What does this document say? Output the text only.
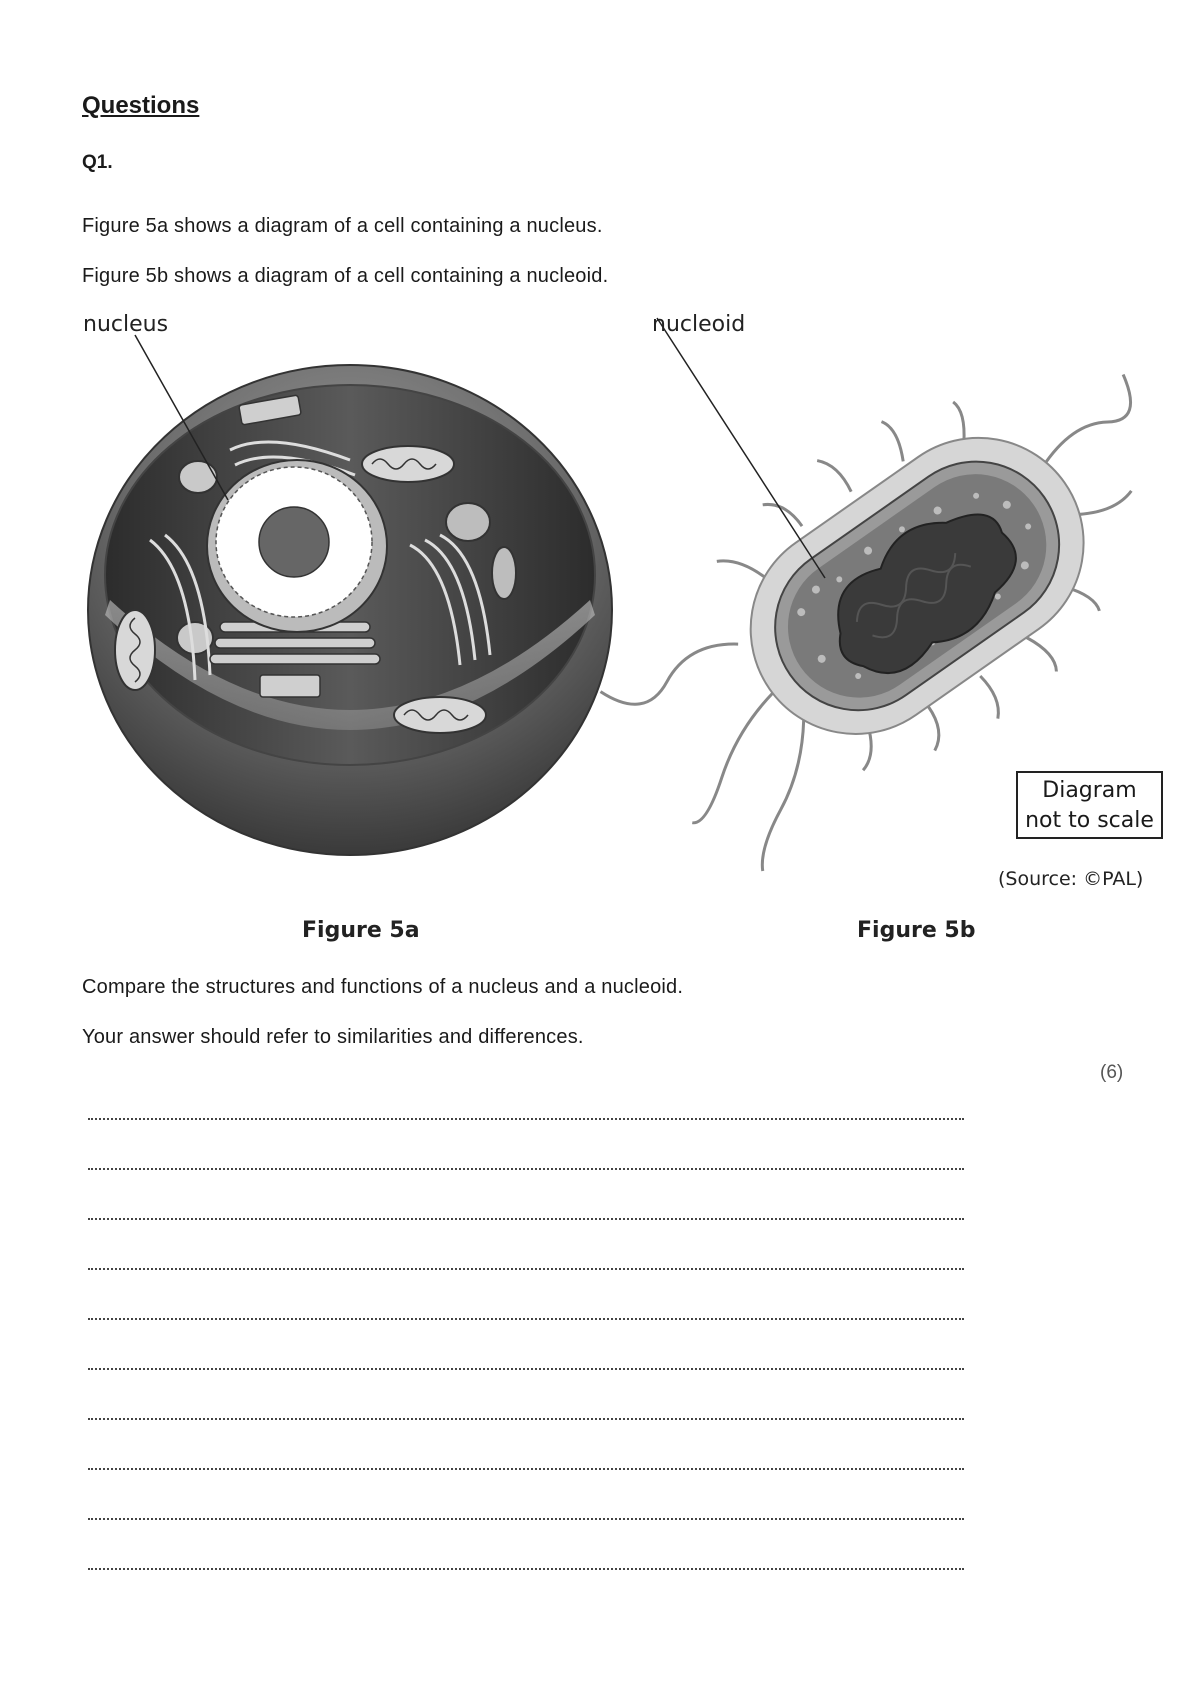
Questions
Q1.
Figure 5a shows a diagram of a cell containing a nucleus.
Figure 5b shows a diagram of a cell containing a nucleoid.
nucleus	nucleoid
Diagram
not to scale
(Source: ©PAL)
Figure 5a	Figure 5b
Compare the structures and functions of a nucleus and a nucleoid.
Your answer should refer to similarities and differences.
(6)
